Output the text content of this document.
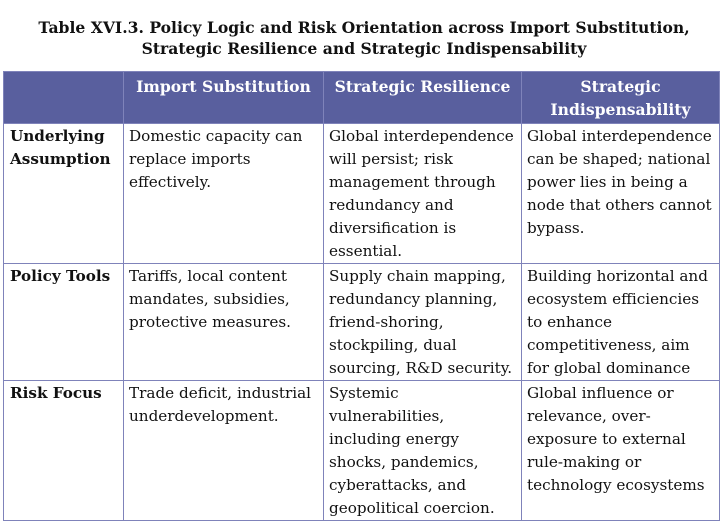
Table XVI.3. Policy Logic and Risk Orientation across Import Substitution,
Strategic Resilience and Strategic Indispensability
	Import Substitution	Strategic Resilience	Strategic Indispensability
Underlying Assumption	Domestic capacity can replace imports effectively.	Global interdependence will persist; risk management through redundancy and diversification is essential.	Global interdependence can be shaped; national power lies in being a node that others cannot bypass.
Policy Tools	Tariffs, local content mandates, subsidies, protective measures.	Supply chain mapping, redundancy planning, friend-shoring, stockpiling, dual sourcing, R&D security.	Building horizontal and ecosystem efficiencies to enhance competitiveness, aim for global dominance
Risk Focus	Trade deficit, industrial underdevelopment.	Systemic vulnerabilities, including energy shocks, pandemics, cyberattacks, and geopolitical coercion.	Global influence or relevance, over-exposure to external rule-making or technology ecosystems
